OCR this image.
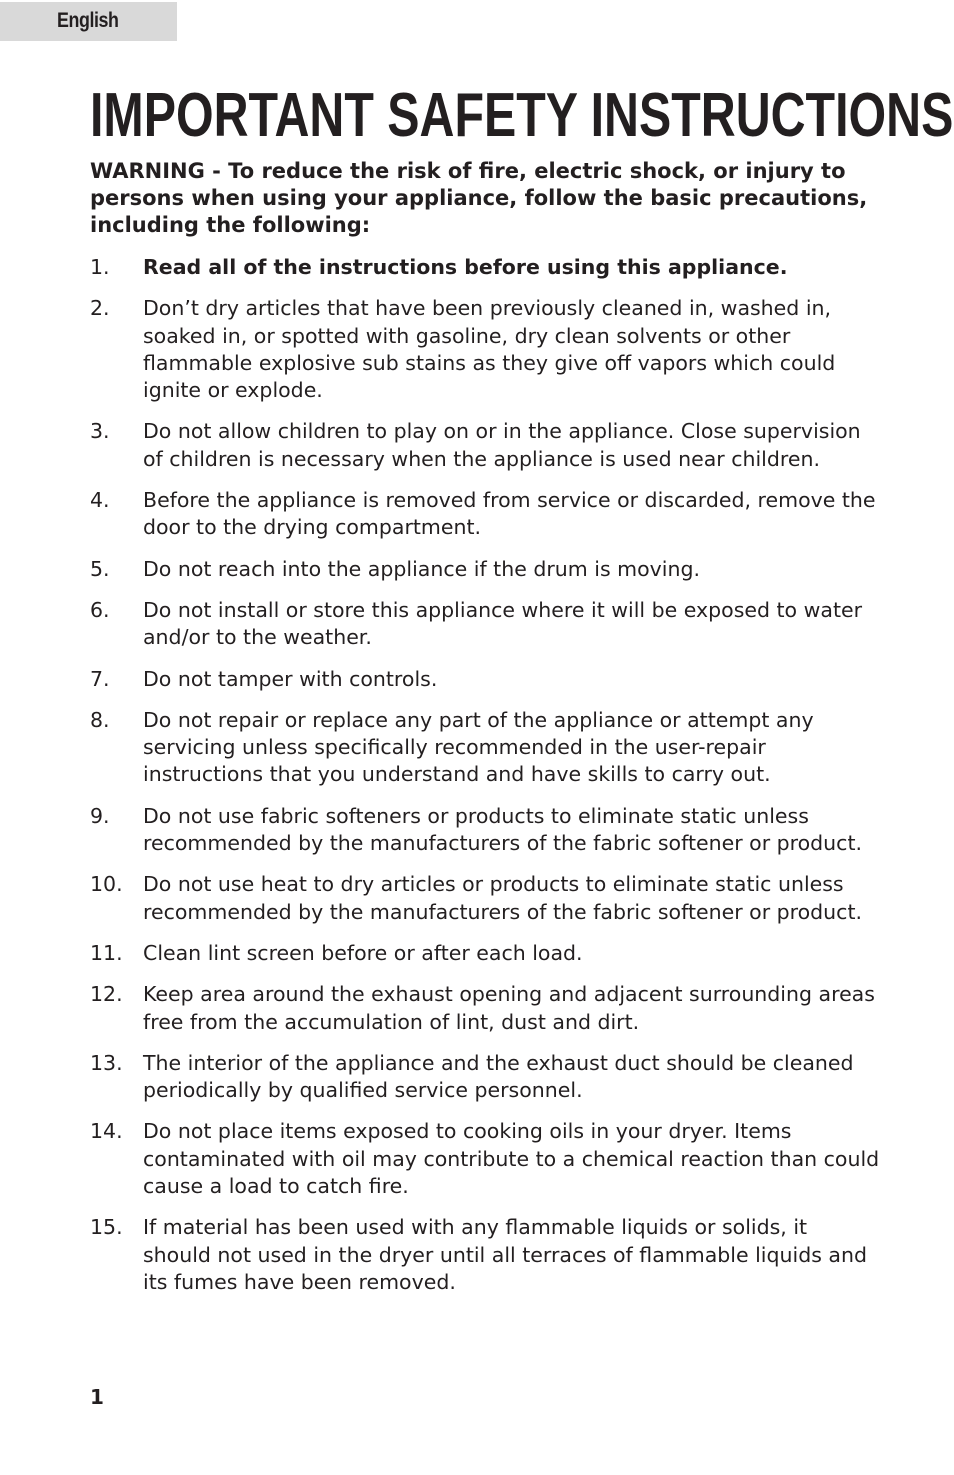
English
IMPORTANT SAFETY INSTRUCTIONS

WARNING - To reduce the risk of fire, electric shock, or injury to persons when using your appliance, follow the basic precautions, including the following:

1. Read all of the instructions before using this appliance.
2. Don’t dry articles that have been previously cleaned in, washed in, soaked in, or spotted with gasoline, dry clean solvents or other flammable explosive sub stains as they give off vapors which could ignite or explode.
3. Do not allow children to play on or in the appliance. Close supervision of children is necessary when the appliance is used near children.
4. Before the appliance is removed from service or discarded, remove the door to the drying compartment.
5. Do not reach into the appliance if the drum is moving.
6. Do not install or store this appliance where it will be exposed to water and/or to the weather.
7. Do not tamper with controls.
8. Do not repair or replace any part of the appliance or attempt any servicing unless specifically recommended in the user-repair instructions that you understand and have skills to carry out.
9. Do not use fabric softeners or products to eliminate static unless recommended by the manufacturers of the fabric softener or product.
10. Do not use heat to dry articles or products to eliminate static unless recommended by the manufacturers of the fabric softener or product.
11. Clean lint screen before or after each load.
12. Keep area around the exhaust opening and adjacent surrounding areas free from the accumulation of lint, dust and dirt.
13. The interior of the appliance and the exhaust duct should be cleaned periodically by qualified service personnel.
14. Do not place items exposed to cooking oils in your dryer. Items contaminated with oil may contribute to a chemical reaction than could cause a load to catch fire.
15. If material has been used with any flammable liquids or solids, it should not used in the dryer until all terraces of flammable liquids and its fumes have been removed.
1
